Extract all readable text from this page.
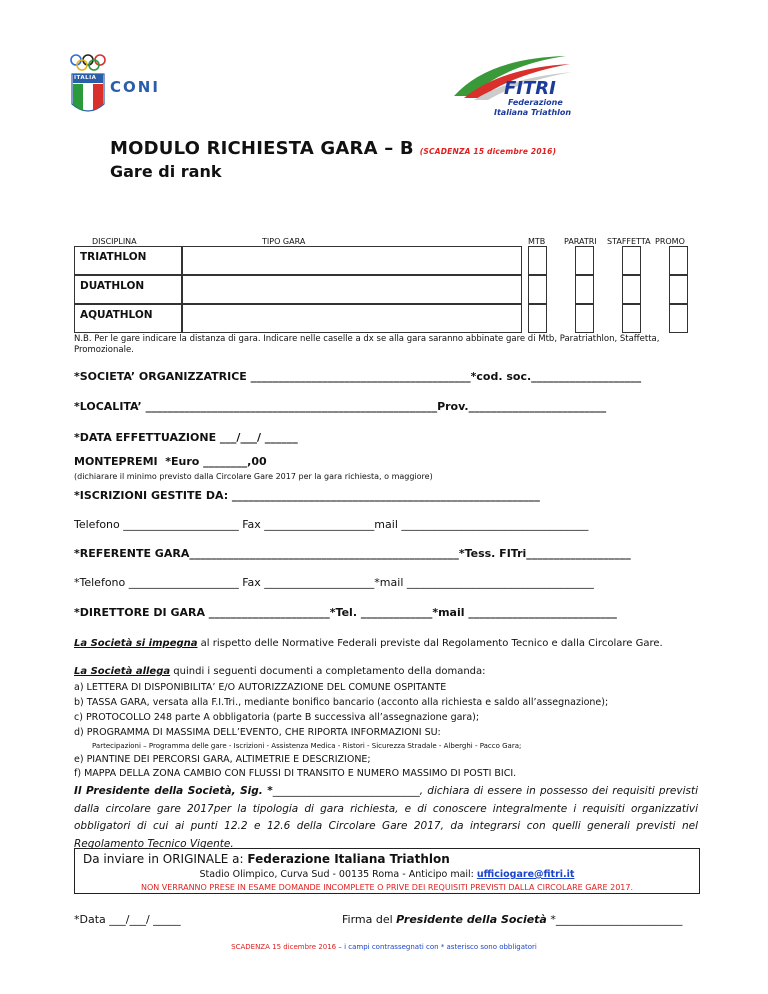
ITALIA CONI	FITRI
Federazione
Italiana Triathlon
MODULO RICHIESTA GARA – B (SCADENZA 15 dicembre 2016)
Gare di rank
DISCIPLINA	TIPO GARA	MTB PARATRI STAFFETTA PROMO
TRIATHLON
DUATHLON
AQUATHLON
N.B. Per le gare indicare la distanza di gara. Indicare nelle caselle a dx se alla gara saranno abbinate gare di Mtb, Paratriathlon, Staffetta, Promozionale.
*SOCIETA’ ORGANIZZATRICE ________________________________________*cod. soc.____________________
*LOCALITA’ _____________________________________________________Prov._________________________
*DATA EFFETTUAZIONE ___/___/ ______
MONTEPREMI  *Euro ________,00
(dichiarare il minimo previsto dalla Circolare Gare 2017 per la gara richiesta, o maggiore)
*ISCRIZIONI GESTITE DA: ________________________________________________________
Telefono _____________________ Fax ____________________mail __________________________________
*REFERENTE GARA_________________________________________________*Tess. FITri___________________
*Telefono ____________________ Fax ____________________*mail __________________________________
*DIRETTORE DI GARA ______________________*Tel. _____________*mail ___________________________
La Società si impegna al rispetto delle Normative Federali previste dal Regolamento Tecnico e dalla Circolare Gare.
La Società allega quindi i seguenti documenti a completamento della domanda:
a) LETTERA DI DISPONIBILITA’ E/O AUTORIZZAZIONE DEL COMUNE OSPITANTE
b) TASSA GARA, versata alla F.I.Tri., mediante bonifico bancario (acconto alla richiesta e saldo all’assegnazione);
c) PROTOCOLLO 248 parte A obbligatoria (parte B successiva all’assegnazione gara);
d) PROGRAMMA DI MASSIMA DELL’EVENTO, CHE RIPORTA INFORMAZIONI SU:
Partecipazioni – Programma delle gare - Iscrizioni - Assistenza Medica - Ristori - Sicurezza Stradale - Alberghi - Pacco Gara;
e) PIANTINE DEI PERCORSI GARA, ALTIMETRIE E DESCRIZIONE;
f) MAPPA DELLA ZONA CAMBIO CON FLUSSI DI TRANSITO E NUMERO MASSIMO DI POSTI BICI.
Il Presidente della Società, Sig. *____________________________, dichiara di essere in possesso dei requisiti previsti dalla circolare gare 2017per la tipologia di gara richiesta, e di conoscere integralmente i requisiti organizzativi obbligatori di cui ai punti 12.2 e 12.6 della Circolare Gare 2017, da integrarsi con quelli generali previsti nel Regolamento Tecnico Vigente.
Da inviare in ORIGINALE a: Federazione Italiana Triathlon
Stadio Olimpico, Curva Sud - 00135 Roma - Anticipo mail: ufficiogare@fitri.it
NON VERRANNO PRESE IN ESAME DOMANDE INCOMPLETE O PRIVE DEI REQUISITI PREVISTI DALLA CIRCOLARE GARE 2017.
*Data ___/___/ _____	Firma del Presidente della Società *_______________________
SCADENZA 15 dicembre 2016 – i campi contrassegnati con * asterisco sono obbligatori
